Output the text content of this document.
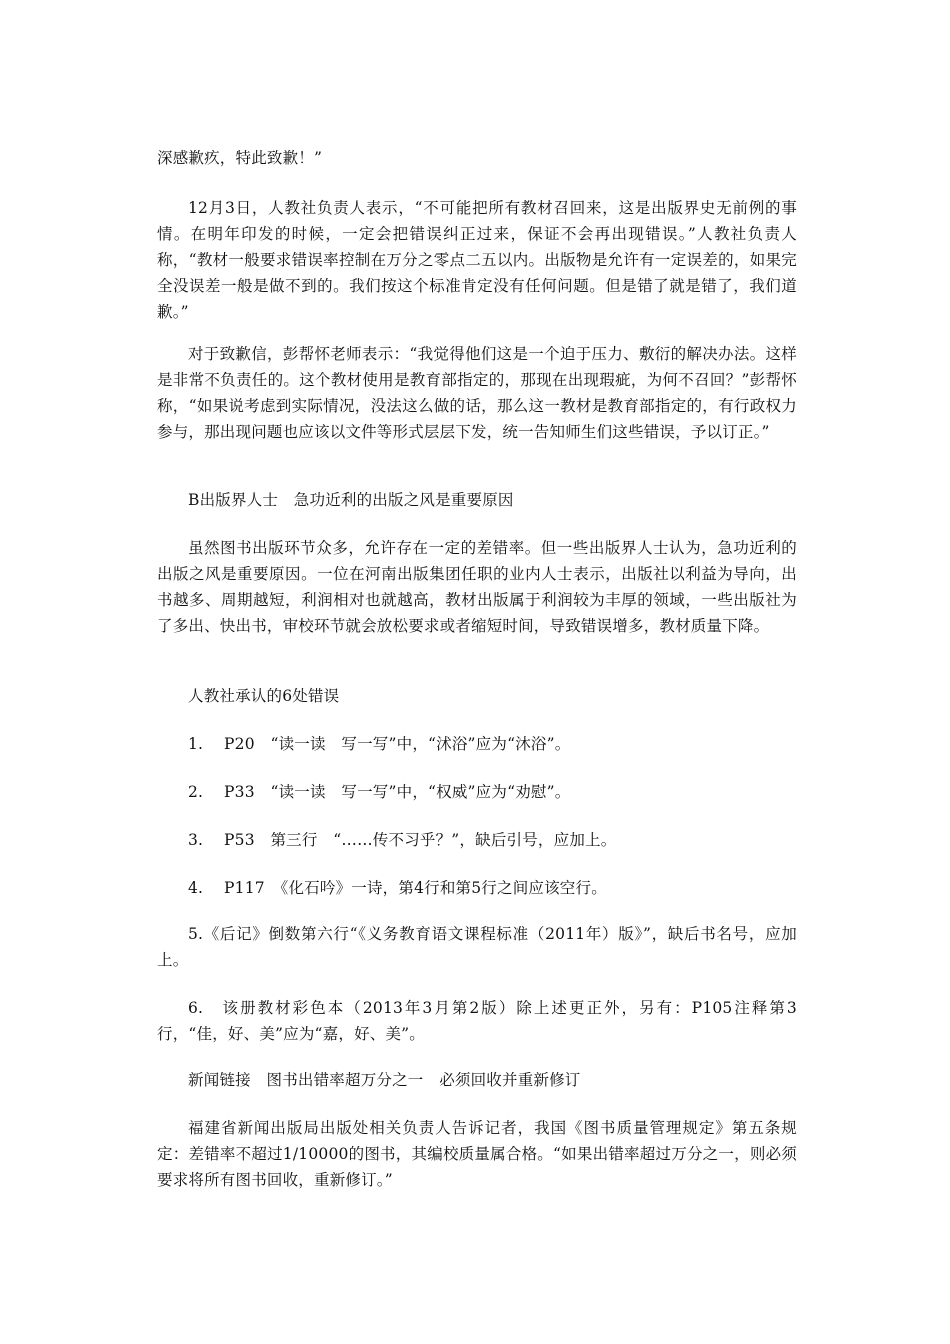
深感歉疚，特此致歉！”

12月3日，人教社负责人表示，“不可能把所有教材召回来，这是出版界史无前例的事情。在明年印发的时候，一定会把错误纠正过来，保证不会再出现错误。”人教社负责人称，“教材一般要求错误率控制在万分之零点二五以内。出版物是允许有一定误差的，如果完全没误差一般是做不到的。我们按这个标准肯定没有任何问题。但是错了就是错了，我们道歉。”

对于致歉信，彭帮怀老师表示：“我觉得他们这是一个迫于压力、敷衍的解决办法。这样是非常不负责任的。这个教材使用是教育部指定的，那现在出现瑕疵，为何不召回？”彭帮怀称，“如果说考虑到实际情况，没法这么做的话，那么这一教材是教育部指定的，有行政权力参与，那出现问题也应该以文件等形式层层下发，统一告知师生们这些错误，予以订正。”

B出版界人士　急功近利的出版之风是重要原因

虽然图书出版环节众多，允许存在一定的差错率。但一些出版界人士认为，急功近利的出版之风是重要原因。一位在河南出版集团任职的业内人士表示，出版社以利益为导向，出书越多、周期越短，利润相对也就越高，教材出版属于利润较为丰厚的领域，一些出版社为了多出、快出书，审校环节就会放松要求或者缩短时间，导致错误增多，教材质量下降。

人教社承认的6处错误

1.　 P20　“读一读　写一写”中，“沭浴”应为“沐浴”。

2.　 P33　“读一读　写一写”中，“权威”应为“劝慰”。

3.　 P53　第三行　“……传不习乎？”，缺后引号，应加上。

4.　 P117　《化石吟》一诗，第4行和第5行之间应该空行。

5.《后记》倒数第六行“《义务教育语文课程标准（2011年）版》”，缺后书名号，应加上。

6.　该册教材彩色本（2013年3月第2版）除上述更正外，另有：P105注释第3行，“佳，好、美”应为“嘉，好、美”。

新闻链接　图书出错率超万分之一　必须回收并重新修订

福建省新闻出版局出版处相关负责人告诉记者，我国《图书质量管理规定》第五条规定：差错率不超过1/10000的图书，其编校质量属合格。“如果出错率超过万分之一，则必须要求将所有图书回收，重新修订。”
